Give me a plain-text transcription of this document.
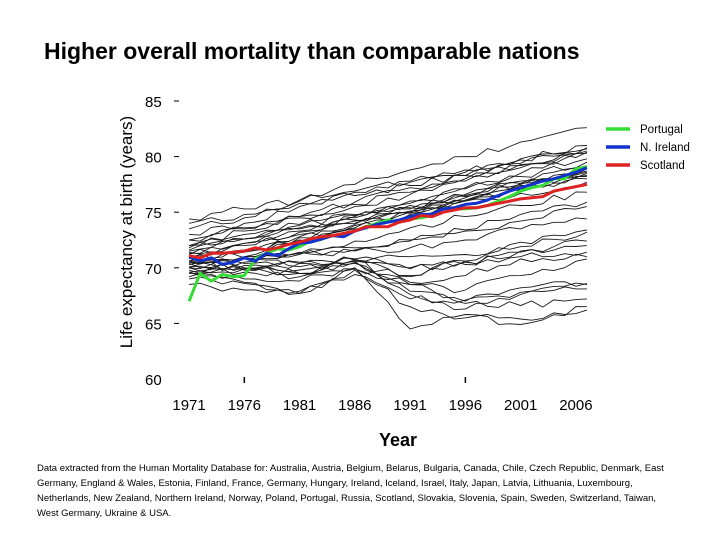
Higher overall mortality than comparable nations
60
65
70
75
80
85
1971 1976 1981 1986 1991 1996 2001 2006
Portugal
N. Ireland
Scotland
Life expectancy at birth (years)
Year
Data extracted from the Human Mortality Database for: Australia, Austria, Belgium, Belarus, Bulgaria, Canada, Chile, Czech Republic, Denmark, East Germany, England & Wales, Estonia, Finland, France, Germany, Hungary, Ireland, Iceland, Israel, Italy, Japan, Latvia, Lithuania, Luxembourg, Netherlands, New Zealand, Northern Ireland, Norway, Poland, Portugal, Russia, Scotland, Slovakia, Slovenia, Spain, Sweden, Switzerland, Taiwan, West Germany, Ukraine & USA.
